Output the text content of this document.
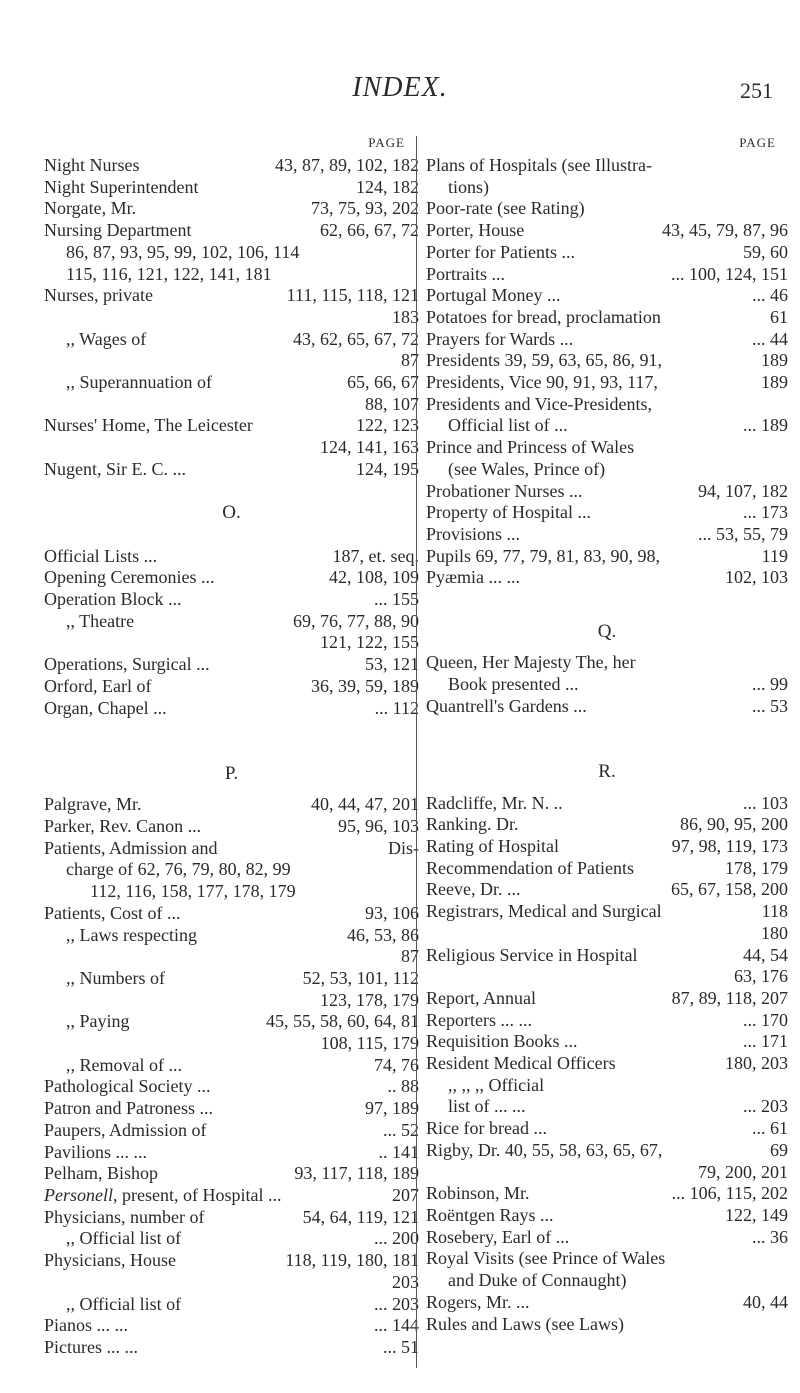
INDEX.	251
PAGE
Night Nurses	43, 87, 89, 102, 182
Night Superintendent	124, 182
Norgate, Mr.	73, 75, 93, 202
Nursing Department	62, 66, 67, 72
86, 87, 93, 95, 99, 102, 106, 114
115, 116, 121, 122, 141, 181
Nurses, private	111, 115, 118, 121
183
,, Wages of	43, 62, 65, 67, 72
87
,, Superannuation of	65, 66, 67
88, 107
Nurses' Home, The Leicester	122, 123
124, 141, 163
Nugent, Sir E. C. ...	124, 195
O.
Official Lists ...	187, et. seq.
Opening Ceremonies ...	42, 108, 109
Operation Block ...	... 155
,, Theatre	69, 76, 77, 88, 90
121, 122, 155
Operations, Surgical ...	53, 121
Orford, Earl of	36, 39, 59, 189
Organ, Chapel ...	... 112
P.
Palgrave, Mr.	40, 44, 47, 201
Parker, Rev. Canon ...	95, 96, 103
Patients, Admission and	Dis-
charge of 62, 76, 79, 80, 82, 99
112, 116, 158, 177, 178, 179
Patients, Cost of ...	93, 106
,, Laws respecting	46, 53, 86
87
,, Numbers of	52, 53, 101, 112
123, 178, 179
,, Paying	45, 55, 58, 60, 64, 81
108, 115, 179
,, Removal of ...	74, 76
Pathological Society ...	.. 88
Patron and Patroness ...	97, 189
Paupers, Admission of	... 52
Pavilions ... ...	.. 141
Pelham, Bishop	93, 117, 118, 189
Personell, present, of Hospital ...	207
Physicians, number of	54, 64, 119, 121
,, Official list of	... 200
Physicians, House	118, 119, 180, 181
203
,, Official list of	... 203
Pianos ... ...	... 144
Pictures ... ...	... 51
PAGE
Plans of Hospitals (see Illustra-
tions)
Poor-rate (see Rating)
Porter, House	43, 45, 79, 87, 96
Porter for Patients ...	59, 60
Portraits ...	... 100, 124, 151
Portugal Money ...	... 46
Potatoes for bread, proclamation	61
Prayers for Wards ...	... 44
Presidents 39, 59, 63, 65, 86, 91,	189
Presidents, Vice 90, 91, 93, 117,	189
Presidents and Vice-Presidents,
Official list of ...	... 189
Prince and Princess of Wales
(see Wales, Prince of)
Probationer Nurses ...	94, 107, 182
Property of Hospital ...	... 173
Provisions ...	... 53, 55, 79
Pupils 69, 77, 79, 81, 83, 90, 98,	119
Pyæmia ... ...	102, 103
Q.
Queen, Her Majesty The, her
Book presented ...	... 99
Quantrell's Gardens ...	... 53
R.
Radcliffe, Mr. N. ..	... 103
Ranking. Dr.	86, 90, 95, 200
Rating of Hospital	97, 98, 119, 173
Recommendation of Patients	178, 179
Reeve, Dr. ...	65, 67, 158, 200
Registrars, Medical and Surgical	118
180
Religious Service in Hospital	44, 54
63, 176
Report, Annual	87, 89, 118, 207
Reporters ... ...	... 170
Requisition Books ...	... 171
Resident Medical Officers	180, 203
,, ,, ,, Official
list of ... ...	... 203
Rice for bread ...	... 61
Rigby, Dr. 40, 55, 58, 63, 65, 67,	69
79, 200, 201
Robinson, Mr.	... 106, 115, 202
Roëntgen Rays ...	122, 149
Rosebery, Earl of ...	... 36
Royal Visits (see Prince of Wales
and Duke of Connaught)
Rogers, Mr. ...	40, 44
Rules and Laws (see Laws)
